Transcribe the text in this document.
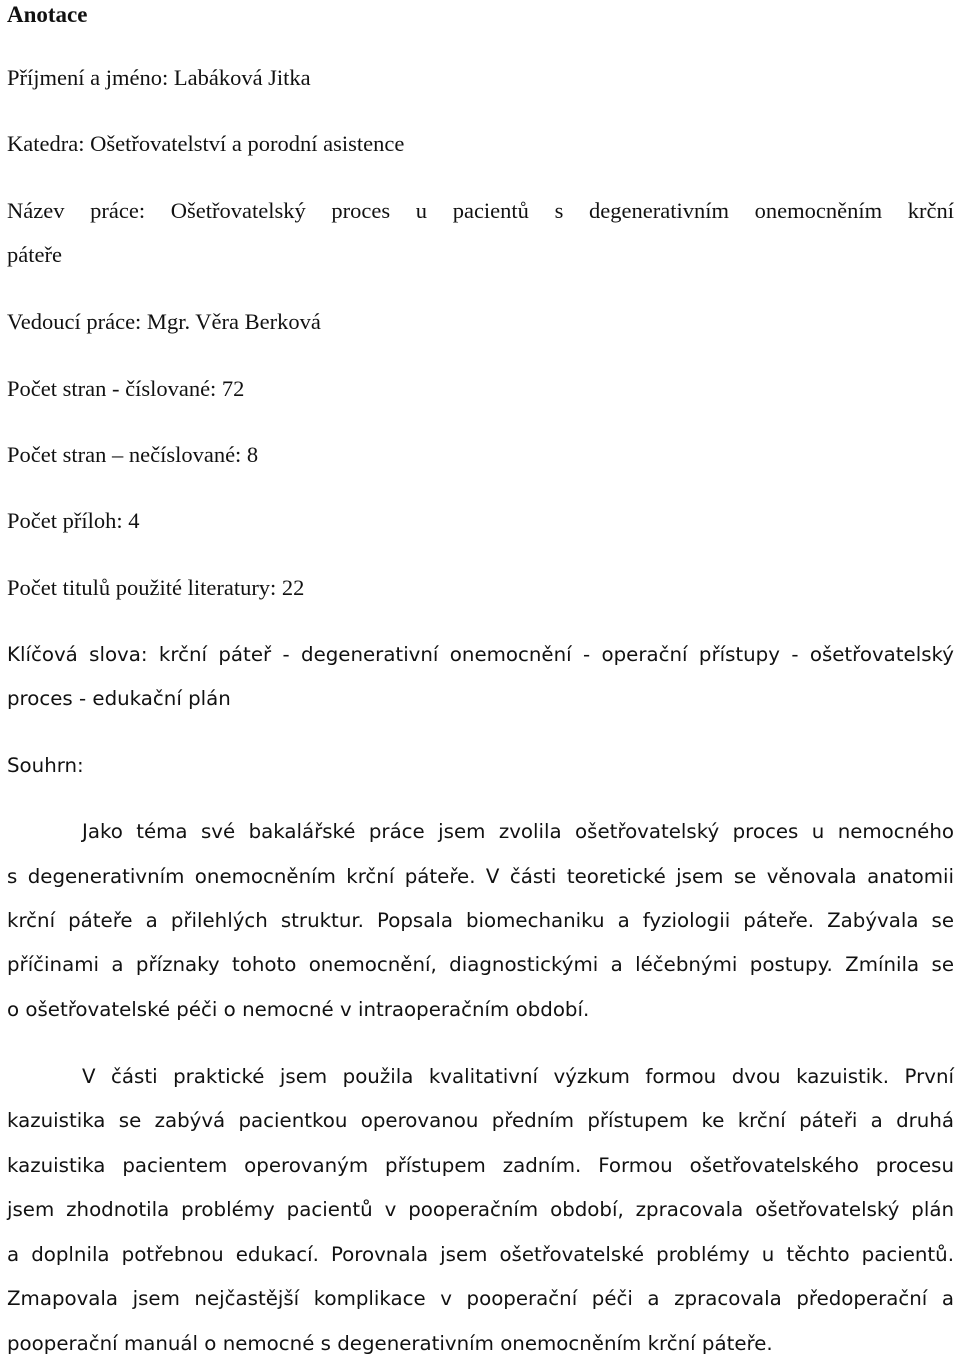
Anotace
Příjmení a jméno: Labáková Jitka
Katedra: Ošetřovatelství a porodní asistence
Název práce: Ošetřovatelský proces u pacientů s degenerativním onemocněním krční
páteře
Vedoucí práce: Mgr. Věra Berková
Počet stran - číslované: 72
Počet stran – nečíslované: 8
Počet příloh: 4
Počet titulů použité literatury: 22
Klíčová slova: krční páteř - degenerativní onemocnění - operační přístupy - ošetřovatelský
proces - edukační plán
Souhrn:
Jako téma své bakalářské práce jsem zvolila ošetřovatelský proces u nemocného
s degenerativním onemocněním krční páteře. V části teoretické jsem se věnovala anatomii
krční páteře a přilehlých struktur. Popsala biomechaniku a fyziologii páteře. Zabývala se
příčinami a příznaky tohoto onemocnění, diagnostickými a léčebnými postupy. Zmínila se
o ošetřovatelské péči o nemocné v intraoperačním období.
V části praktické jsem použila kvalitativní výzkum formou dvou kazuistik. První
kazuistika se zabývá pacientkou operovanou předním přístupem ke krční páteři a druhá
kazuistika pacientem operovaným přístupem zadním. Formou ošetřovatelského procesu
jsem zhodnotila problémy pacientů v pooperačním období, zpracovala ošetřovatelský plán
a doplnila potřebnou edukací. Porovnala jsem ošetřovatelské problémy u těchto pacientů.
Zmapovala jsem nejčastější komplikace v pooperační péči a zpracovala předoperační a
pooperační manuál o nemocné s degenerativním onemocněním krční páteře.
